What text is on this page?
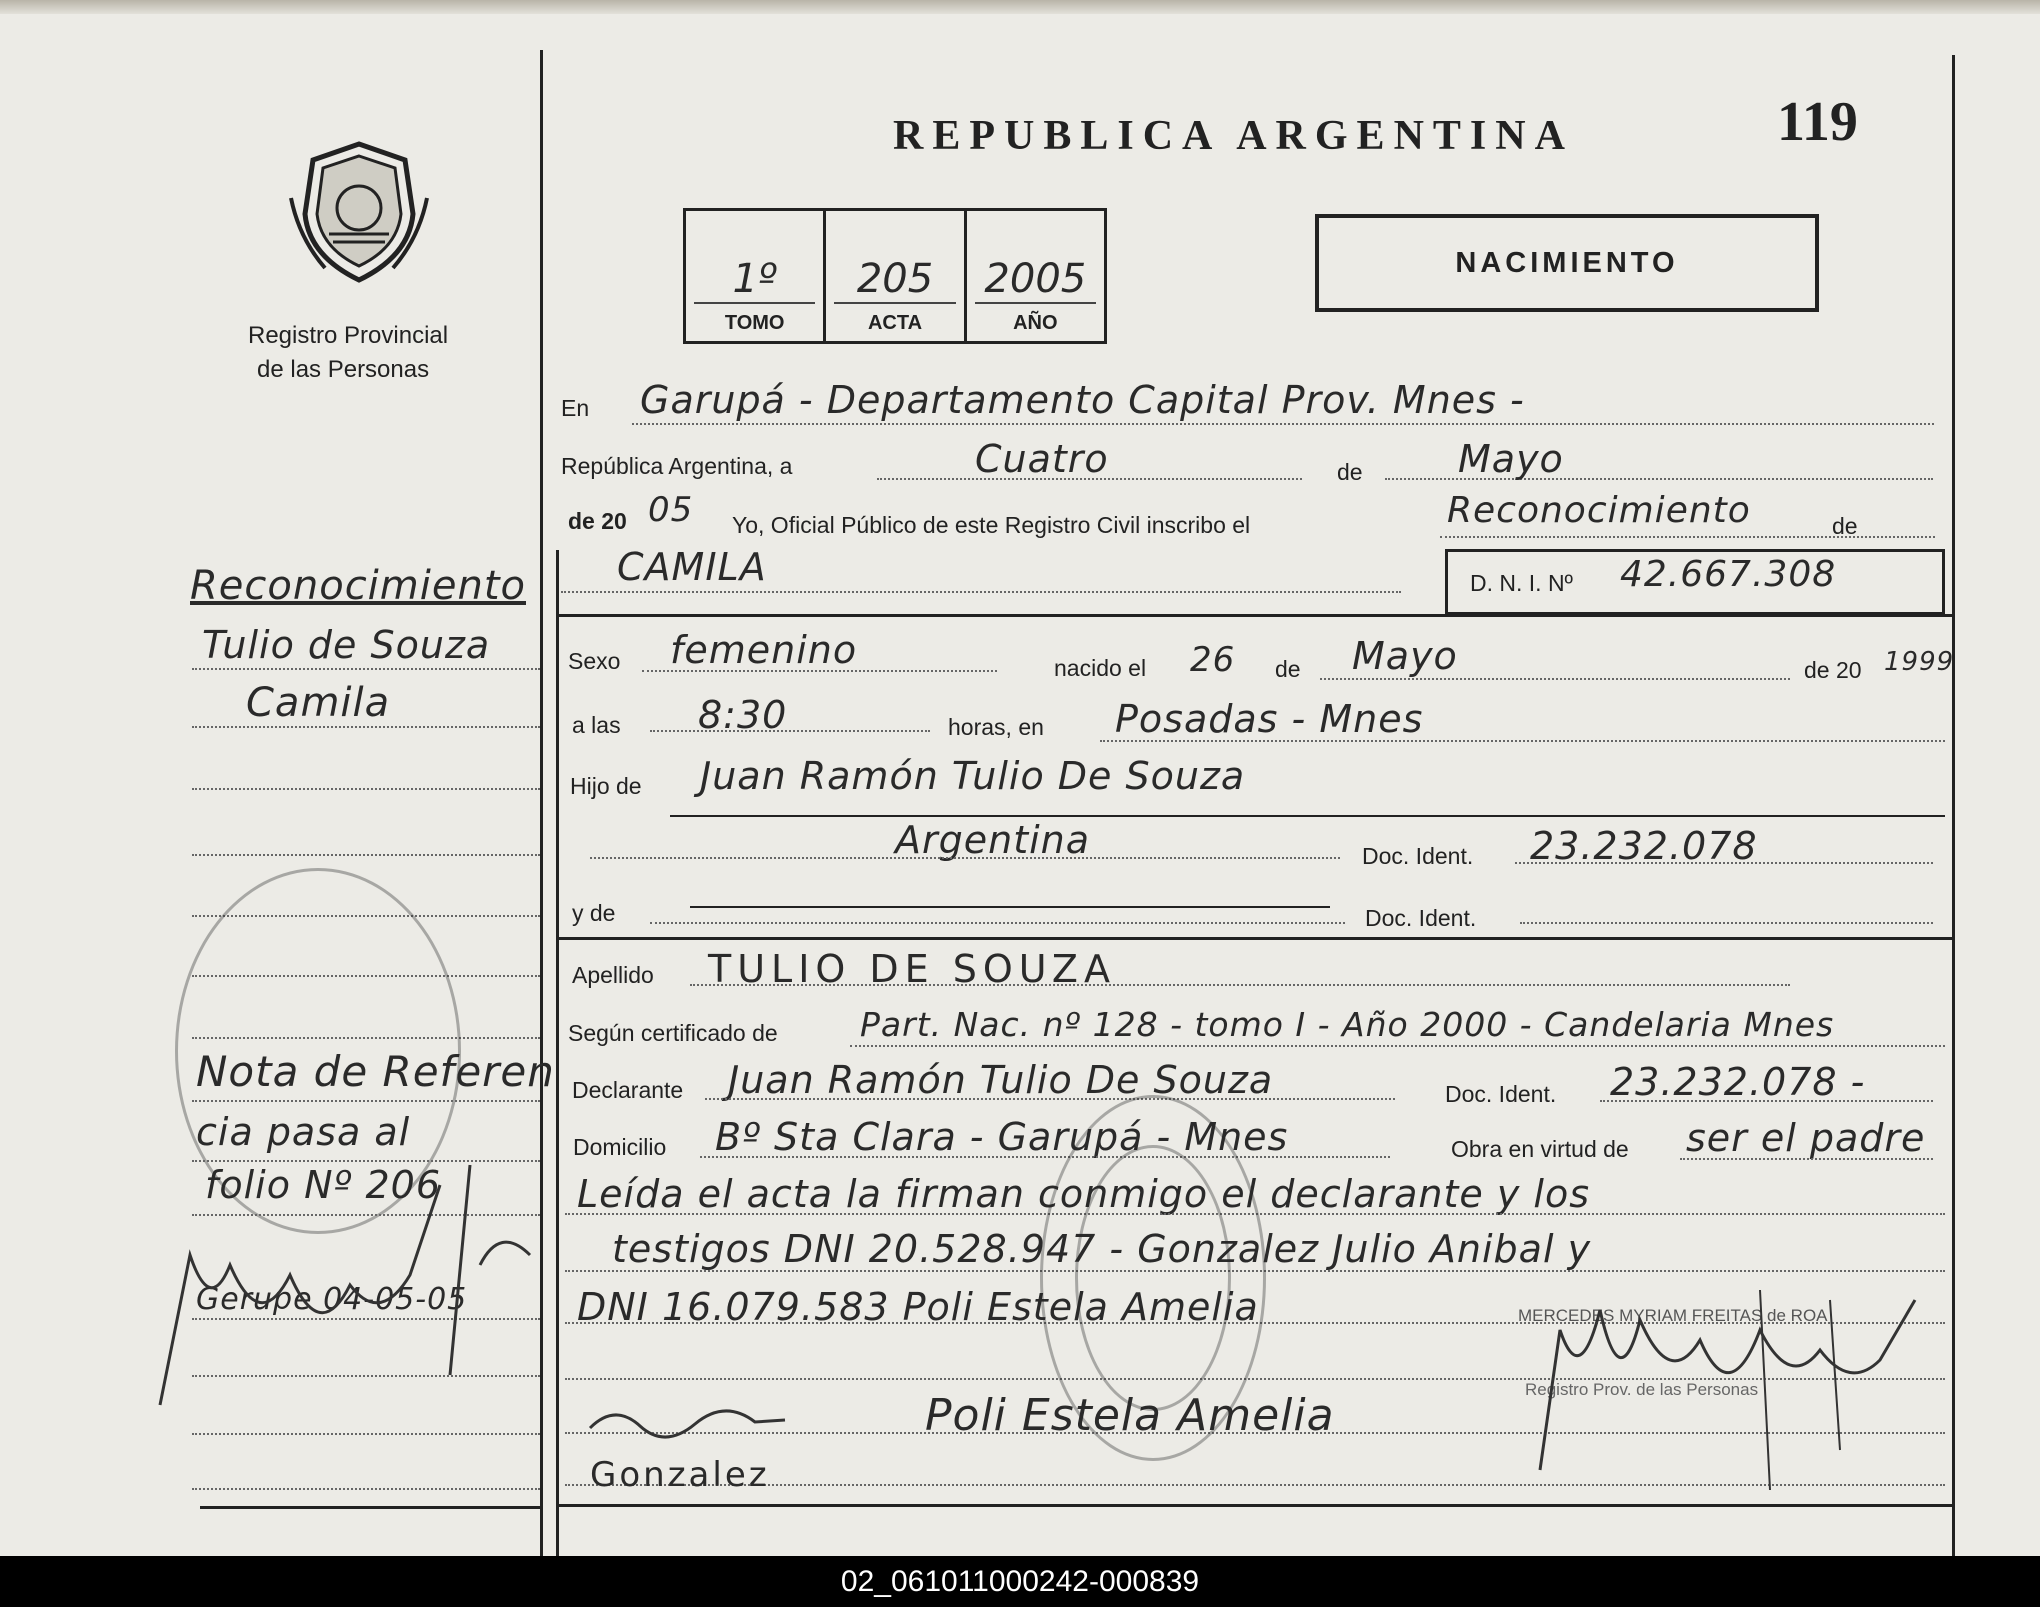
Registro Provincial
de las Personas
REPUBLICA ARGENTINA	119
1º
TOMO
205
ACTA
2005
AÑO
NACIMIENTO
En Garupá - Departamento Capital Prov. Mnes -
República Argentina, a	Cuatro	de	Mayo
de 20 05 Yo, Oficial Público de este Registro Civil inscribo el	Reconocimiento	de
CAMILA	D. N. I. Nº 42.667.308
Sexo femenino	nacido el 26 de Mayo	de 20 1999
a las 8:30	horas, en Posadas - Mnes
Hijo de Juan Ramón Tulio De Souza
Argentina	Doc. Ident. 23.232.078
y de	Doc. Ident.
Apellido TULIO DE SOUZA
Según certificado de Part. Nac. nº 128 - tomo I - Año 2000 - Candelaria Mnes
Declarante Juan Ramón Tulio De Souza	Doc. Ident. 23.232.078 -
Domicilio Bº Sta Clara - Garupá - Mnes	Obra en virtud de ser el padre
Leída el acta la firman conmigo el declarante y los
testigos DNI 20.528.947 - Gonzalez Julio Anibal y
DNI 16.079.583 Poli Estela Amelia
Poli Estela Amelia
Gonzalez
MERCEDES MYRIAM FREITAS de ROA
Registro Prov. de las Personas
Reconocimiento
Tulio de Souza
Camila
Nota de Referen
cia pasa al
folio Nº 206
Gerupe 04-05-05
02_061011000242-000839
